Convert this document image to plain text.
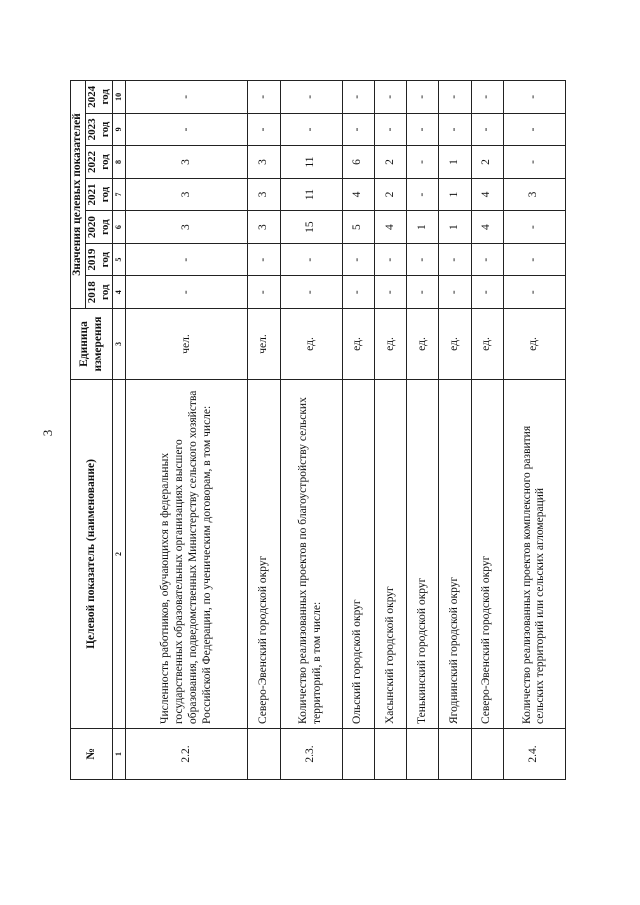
3
№	Целевой показатель (наименование)	Единица измерения	Значения целевых показателей						

			2018 год	2019 год	2020 год	2021 год	2022 год	2023 год	2024 год

1	2	3	4	5	6	7	8	9	10
2.2.	Численность работников, обучающихся в федеральных государственных образовательных организациях высшего образования, подведомственных Министерству сельского хозяйства Российской Федерации, по ученическим договорам, в том числе:	чел.	-	-	3	3	3	-	-
	Северо-Эвенский городской округ	чел.	-	-	3	3	3	-	-
2.3.	Количество реализованных проектов по благоустройству сельских территорий, в том числе:	ед.	-	-	15	11	11	-	-
	Ольский городской округ	ед.	-	-	5	4	6	-	-
	Хасынский городской округ	ед.	-	-	4	2	2	-	-
	Тенькинский городской округ	ед.	-	-	1	-	-	-	-
	Ягоднинский городской округ	ед.	-	-	1	1	1	-	-
	Северо-Эвенский городской округ	ед.	-	-	4	4	2	-	-
2.4.	Количество реализованных проектов комплексного развития сельских территорий или сельских агломераций	ед.	-	-	-	3	-	-	-
